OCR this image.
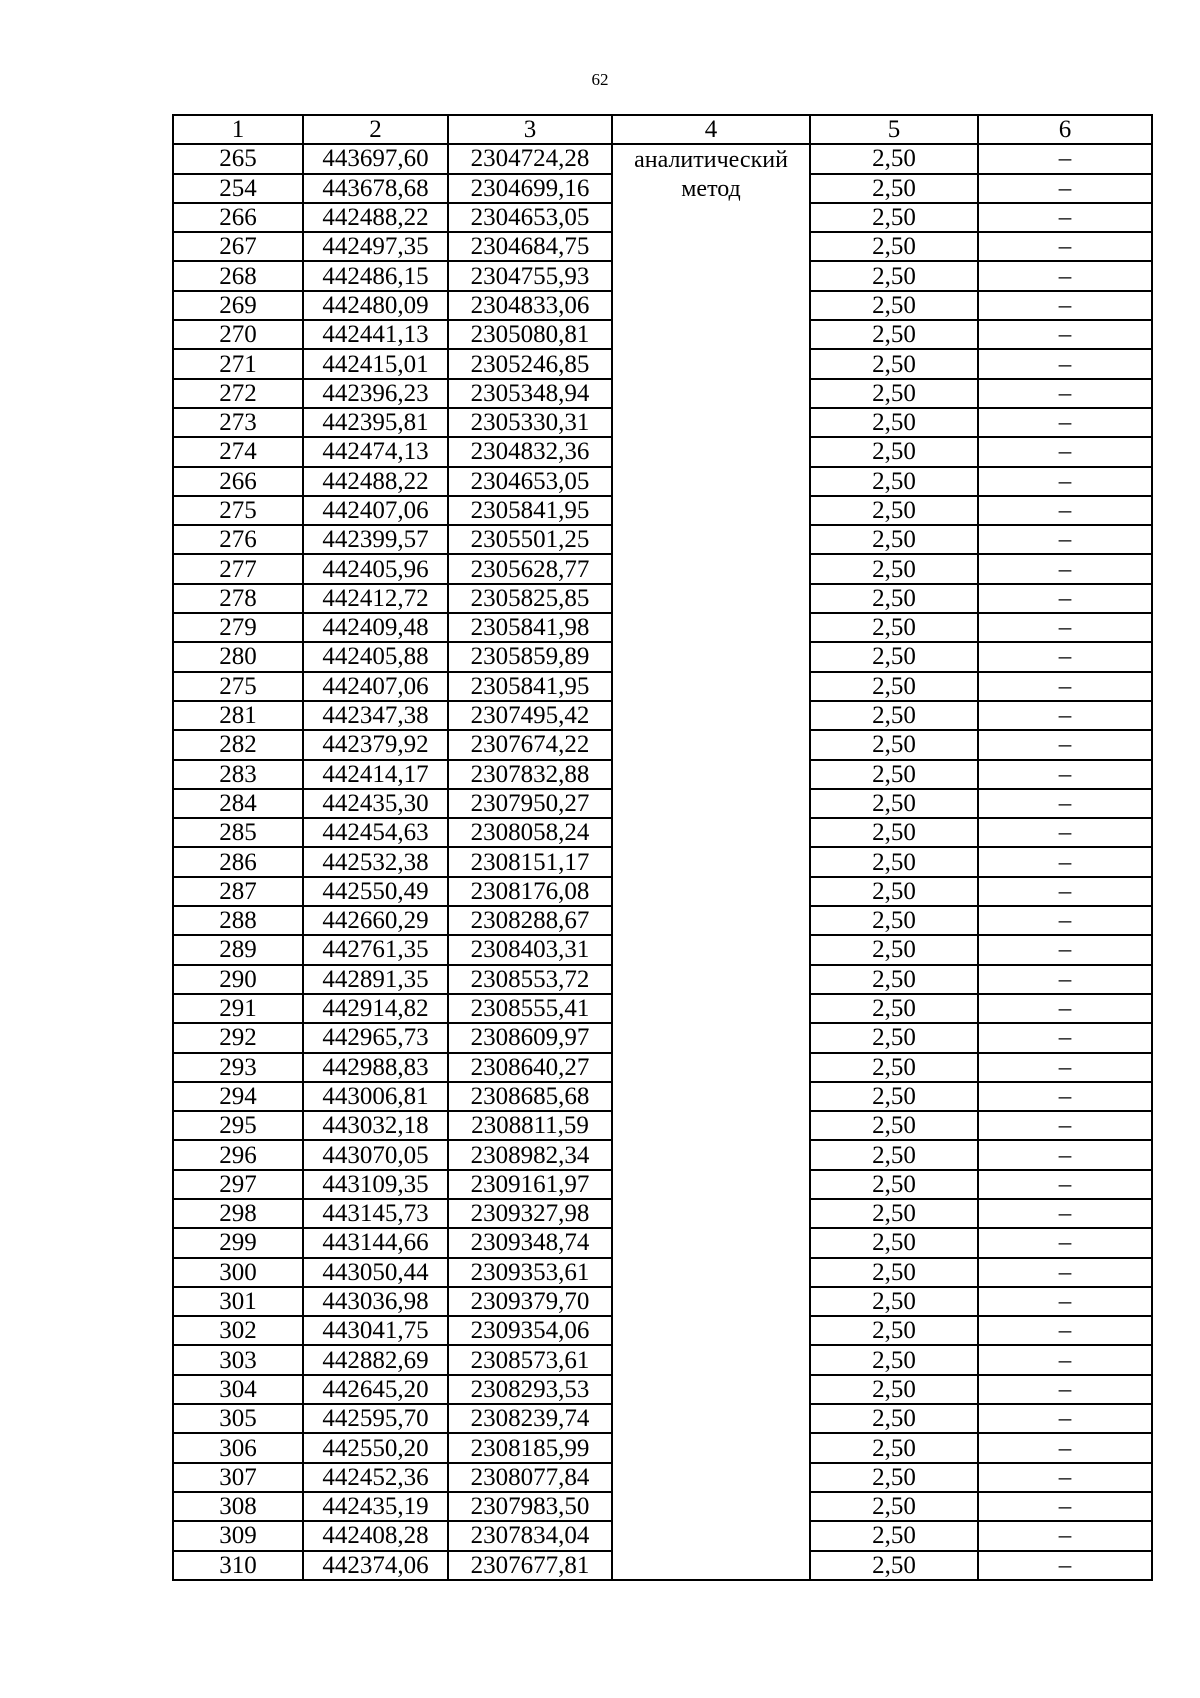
62
1	2	3	4	5	6
265	443697,60	2304724,28	аналитический метод	2,50	–
254	443678,68	2304699,16		2,50	–
266	442488,22	2304653,05		2,50	–
267	442497,35	2304684,75		2,50	–
268	442486,15	2304755,93		2,50	–
269	442480,09	2304833,06		2,50	–
270	442441,13	2305080,81		2,50	–
271	442415,01	2305246,85		2,50	–
272	442396,23	2305348,94		2,50	–
273	442395,81	2305330,31		2,50	–
274	442474,13	2304832,36		2,50	–
266	442488,22	2304653,05		2,50	–
275	442407,06	2305841,95		2,50	–
276	442399,57	2305501,25		2,50	–
277	442405,96	2305628,77		2,50	–
278	442412,72	2305825,85		2,50	–
279	442409,48	2305841,98		2,50	–
280	442405,88	2305859,89		2,50	–
275	442407,06	2305841,95		2,50	–
281	442347,38	2307495,42		2,50	–
282	442379,92	2307674,22		2,50	–
283	442414,17	2307832,88		2,50	–
284	442435,30	2307950,27		2,50	–
285	442454,63	2308058,24		2,50	–
286	442532,38	2308151,17		2,50	–
287	442550,49	2308176,08		2,50	–
288	442660,29	2308288,67		2,50	–
289	442761,35	2308403,31		2,50	–
290	442891,35	2308553,72		2,50	–
291	442914,82	2308555,41		2,50	–
292	442965,73	2308609,97		2,50	–
293	442988,83	2308640,27		2,50	–
294	443006,81	2308685,68		2,50	–
295	443032,18	2308811,59		2,50	–
296	443070,05	2308982,34		2,50	–
297	443109,35	2309161,97		2,50	–
298	443145,73	2309327,98		2,50	–
299	443144,66	2309348,74		2,50	–
300	443050,44	2309353,61		2,50	–
301	443036,98	2309379,70		2,50	–
302	443041,75	2309354,06		2,50	–
303	442882,69	2308573,61		2,50	–
304	442645,20	2308293,53		2,50	–
305	442595,70	2308239,74		2,50	–
306	442550,20	2308185,99		2,50	–
307	442452,36	2308077,84		2,50	–
308	442435,19	2307983,50		2,50	–
309	442408,28	2307834,04		2,50	–
310	442374,06	2307677,81		2,50	–
